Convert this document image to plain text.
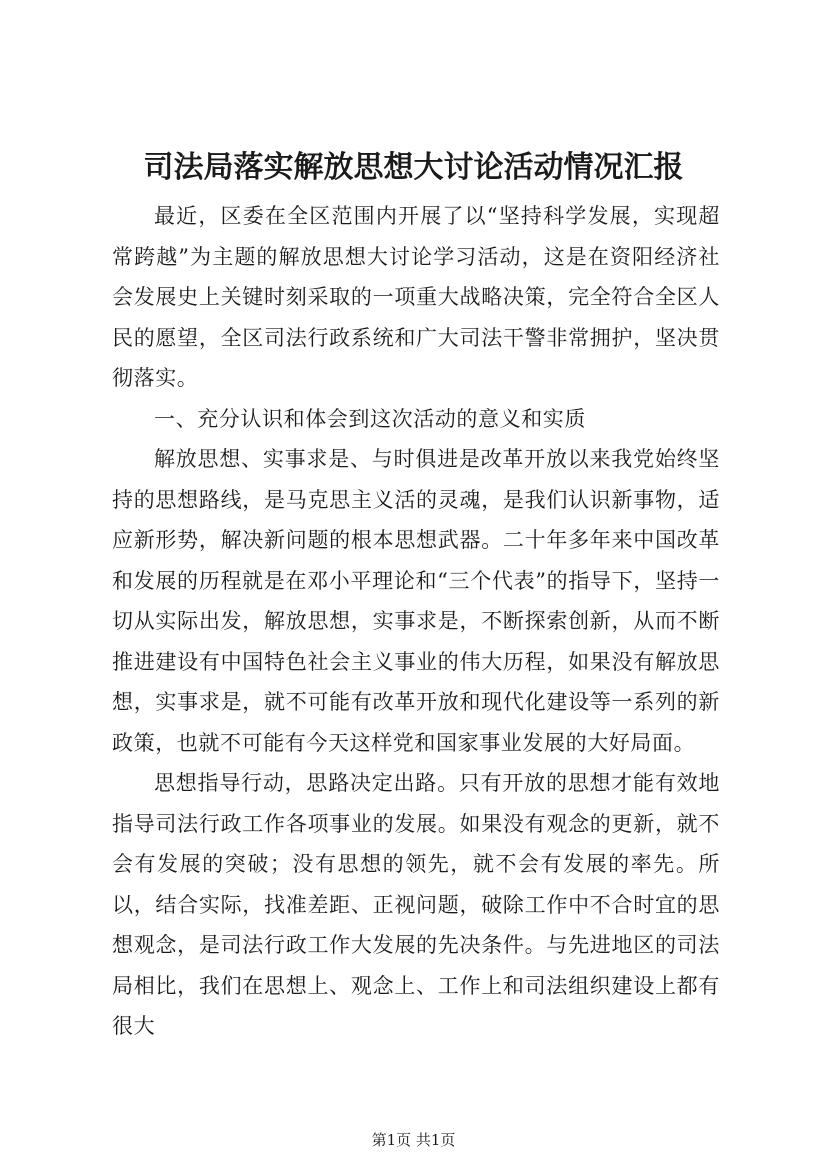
司法局落实解放思想大讨论活动情况汇报

最近，区委在全区范围内开展了以“坚持科学发展，实现超常跨越”为主题的解放思想大讨论学习活动，这是在资阳经济社会发展史上关键时刻采取的一项重大战略决策，完全符合全区人民的愿望，全区司法行政系统和广大司法干警非常拥护，坚决贯彻落实。

一、充分认识和体会到这次活动的意义和实质

解放思想、实事求是、与时俱进是改革开放以来我党始终坚持的思想路线，是马克思主义活的灵魂，是我们认识新事物，适应新形势，解决新问题的根本思想武器。二十年多年来中国改革和发展的历程就是在邓小平理论和“三个代表”的指导下，坚持一切从实际出发，解放思想，实事求是，不断探索创新，从而不断推进建设有中国特色社会主义事业的伟大历程，如果没有解放思想，实事求是，就不可能有改革开放和现代化建设等一系列的新政策，也就不可能有今天这样党和国家事业发展的大好局面。

思想指导行动，思路决定出路。只有开放的思想才能有效地指导司法行政工作各项事业的发展。如果没有观念的更新，就不会有发展的突破；没有思想的领先，就不会有发展的率先。所以，结合实际，找准差距、正视问题，破除工作中不合时宜的思想观念，是司法行政工作大发展的先决条件。与先进地区的司法局相比，我们在思想上、观念上、工作上和司法组织建设上都有很大

第1页 共1页
